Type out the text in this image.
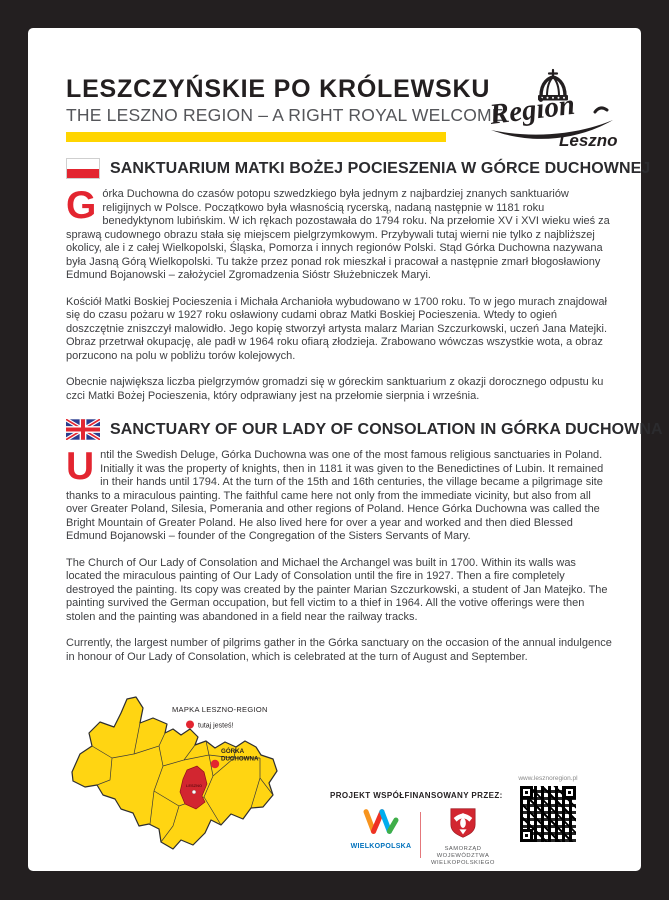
LESZCZYŃSKIE PO KRÓLEWSKU
THE LESZNO REGION – A RIGHT ROYAL WELCOME
Region
Leszno
SANKTUARIUM MATKI BOŻEJ POCIESZENIA W GÓRCE DUCHOWNEJ

Górka Duchowna do czasów potopu szwedzkiego była jednym z najbardziej znanych sanktuariów religijnych w Polsce. Początkowo była własnością rycerską, nadaną następnie w 1181 roku benedyktynom lubińskim. W ich rękach pozostawała do 1794 roku. Na przełomie XV i XVI wieku wieś za sprawą cudownego obrazu stała się miejscem pielgrzymkowym. Przybywali tutaj wierni nie tylko z najbliższej okolicy, ale i z całej Wielkopolski, Śląska, Pomorza i innych regionów Polski. Stąd Górka Duchowna nazywana była Jasną Górą Wielkopolski. Tu także przez ponad rok mieszkał i pracował a następnie zmarł błogosławiony Edmund Bojanowski – założyciel Zgromadzenia Sióstr Służebniczek Maryi.

Kościół Matki Boskiej Pocieszenia i Michała Archanioła wybudowano w 1700 roku. To w jego murach znajdował się do czasu pożaru w 1927 roku osławiony cudami obraz Matki Boskiej Pocieszenia. Wtedy to ogień doszczętnie zniszczył malowidło. Jego kopię stworzył artysta malarz Marian Szczurkowski, uczeń Jana Matejki. Obraz przetrwał okupację, ale padł w 1964 roku ofiarą złodzieja. Zrabowano wówczas wszystkie wota, a obraz porzucono na polu w pobliżu torów kolejowych.

Obecnie największa liczba pielgrzymów gromadzi się w góreckim sanktuarium z okazji dorocznego odpustu ku czci Matki Bożej Pocieszenia, który odprawiany jest na przełomie sierpnia i września.

SANCTUARY OF OUR LADY OF CONSOLATION IN GÓRKA DUCHOWNA

Until the Swedish Deluge, Górka Duchowna was one of the most famous religious sanctuaries in Poland. Initially it was the property of knights, then in 1181 it was given to the Benedictines of Lubin. It remained in their hands until 1794. At the turn of the 15th and 16th centuries, the village became a pilgrimage site thanks to a miraculous painting. The faithful came here not only from the immediate vicinity, but also from all over Greater Poland, Silesia, Pomerania and other regions of Poland. Hence Górka Duchowna was called the Bright Mountain of Greater Poland. He also lived here for over a year and worked and then died Blessed Edmund Bojanowski – founder of the Congregation of the Sisters Servants of Mary.

The Church of Our Lady of Consolation and Michael the Archangel was built in 1700. Within its walls was located the miraculous painting of Our Lady of Consolation until the fire in 1927. Then a fire completely destroyed the painting. Its copy was created by the painter Marian Szczurkowski, a student of Jan Matejko. The painting survived the German occupation, but fell victim to a thief in 1964. All the votive offerings were then stolen and the painting was abandoned in a field near the railway tracks.

Currently, the largest number of pilgrims gather in the Górka sanctuary on the occasion of the annual indulgence in honour of Our Lady of Consolation, which is celebrated at the turn of August and September.

LESZNO
GÓRKA
DUCHOWNA
MAPKA LESZNO-REGION
tutaj jesteś!
PROJEKT WSPÓŁFINANSOWANY PRZEZ:
WIELKOPOLSKA	SAMORZĄD
WOJEWÓDZTWA
WIELKOPOLSKIEGO
www.lesznoregion.pl
